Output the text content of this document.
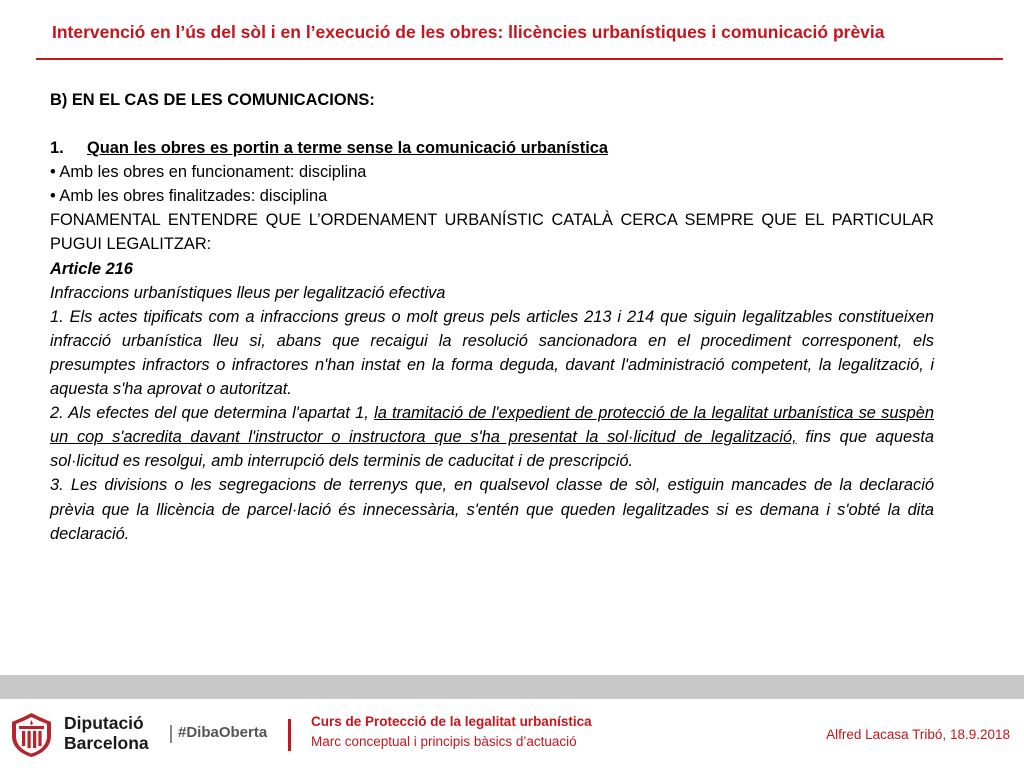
Intervenció en l’ús del sòl i en l’execució de les obres: llicències urbanístiques i comunicació prèvia

B) EN EL CAS DE LES COMUNICACIONS:

1. Quan les obres es portin a terme sense la comunicació urbanística

• Amb les obres en funcionament: disciplina

• Amb les obres finalitzades: disciplina

FONAMENTAL ENTENDRE QUE L’ORDENAMENT URBANÍSTIC CATALÀ CERCA SEMPRE QUE EL PARTICULAR PUGUI LEGALITZAR:

Article 216

Infraccions urbanístiques lleus per legalització efectiva

1. Els actes tipificats com a infraccions greus o molt greus pels articles 213 i 214 que siguin legalitzables constitueixen infracció urbanística lleu si, abans que recaigui la resolució sancionadora en el procediment corresponent, els presumptes infractors o infractores n'han instat en la forma deguda, davant l'administració competent, la legalització, i aquesta s'ha aprovat o autoritzat.

2. Als efectes del que determina l'apartat 1, la tramitació de l'expedient de protecció de la legalitat urbanística se suspèn un cop s'acredita davant l'instructor o instructora que s'ha presentat la sol·licitud de legalització, fins que aquesta sol·licitud es resolgui, amb interrupció dels terminis de caducitat i de prescripció.

3. Les divisions o les segregacions de terrenys que, en qualsevol classe de sòl, estiguin mancades de la declaració prèvia que la llicència de parcel·lació és innecessària, s'entén que queden legalitzades si es demana i s'obté la dita declaració.

Diputació
Barcelona
#DibaOberta
Curs de Protecció de la legalitat urbanística
Marc conceptual i principis bàsics d’actuació	Alfred Lacasa Tribó, 18.9.2018
